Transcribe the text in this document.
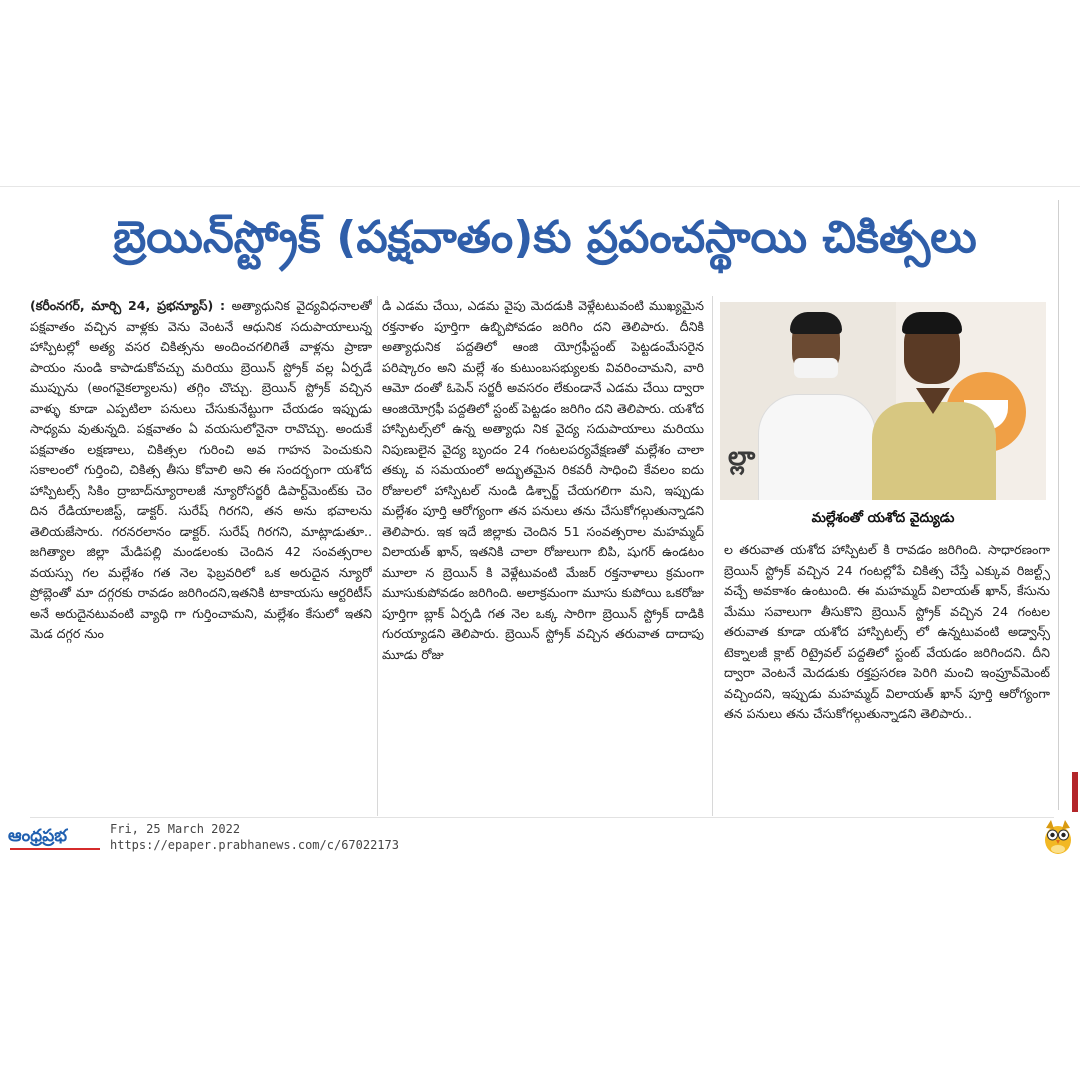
బ్రెయిన్‌స్ట్రోక్ (పక్షవాతం)కు ప్రపంచస్థాయి చికిత్సలు
(కరీంనగర్, మార్చి 24, ప్రభన్యూస్) : అత్యాధునిక వైద్యవిధనాలతో పక్షవాతం వచ్చిన వాళ్లకు వెను వెంటనే ఆధునిక సదుపాయాలున్న హాస్పిటల్లో అత్య వసర చికిత్సను అందించగలిగితే వాళ్లను ప్రాణా పాయం నుండి కాపాడుకోవచ్చు మరియు బ్రెయిన్ స్ట్రోక్ వల్ల ఏర్పడే ముప్పును (అంగవైకల్యాలను) తగ్గిం చొచ్చు. బ్రెయిన్ స్ట్రోక్ వచ్చిన వాళ్ళు కూడా ఎప్పటిలా పనులు చేసుకునేట్టుగా చేయడం ఇప్పుడు సాధ్యమ వుతున్నది. పక్షవాతం ఏ వయసులోనైనా రావొచ్చు. అందుకే పక్షవాతం లక్షణాలు, చికిత్సల గురించి అవ గాహన పెంచుకుని సకాలంలో గుర్తించి, చికిత్స తీసు కోవాలి అని ఈ సందర్బంగా యశోద హాస్పిటల్స్ సికిం ద్రాబాద్‌న్యూరాలజీ న్యూరోసర్జరీ డిపార్ట్‌మెంట్‌కు చెం దిన రేడియాలజిస్ట్, డాక్టర్. సురేష్ గిరగని, తన అను భవాలను తెలియజేసారు. గరనరలానం డాక్టర్. సురేష్ గిరగని, మాట్లాడుతూ.. జగిత్యాల జిల్లా మేడిపల్లి మండలంకు చెందిన 42 సంవత్సరాల వయస్సు గల మల్లేశం గత నెల ఫెబ్రవరిలో ఒక అరుదైన న్యూరో ప్రోబ్లెంతో మా దగ్గరకు రావడం జరిగిందని,ఇతనికి టాకాయసు ఆర్టరిటీస్ అనే అరుదైనటువంటి వ్యాధి గా గుర్తించామని, మల్లేశం కేసులో ఇతని మెడ దగ్గర నుం
డి ఎడమ చేయి, ఎడమ వైపు మెదడుకి వెళ్లేటటువంటి ముఖ్యమైన రక్తనాళం పూర్తిగా ఉబ్బిపోవడం జరిగిం దని తెలిపారు. దీనికి అత్యాధునిక పద్దతిలో ఆంజి యోగ్రఫీ‌స్టంట్ పెట్టడంమేసరైన పరిష్కారం అని మల్లే శం కుటుంబసభ్యులకు వివరించామని, వారి ఆమో దంతో ఓపెన్ సర్జరీ అవసరం లేకుండానే ఎడమ చేయి ద్వారా ఆంజియోగ్రఫీ పద్దతిలో స్టంట్ పెట్టడం జరిగిం దని తెలిపారు. యశోద హాస్పిటల్స్‌లో ఉన్న అత్యాధు నిక వైద్య సదుపాయాలు మరియు నిపుణులైన వైద్య బృందం 24 గంటలపర్యవేక్షణతో మల్లేశం చాలా తక్కు వ సమయంలో అద్భుతమైన రికవరీ సాధించి కేవలం ఐదు రోజులలో హాస్పిటల్ నుండి డిశ్చార్జ్ చేయగలిగా మని, ఇప్పుడు మల్లేశం పూర్తి ఆరోగ్యంగా తన పనులు తను చేసుకోగల్గుతున్నాడని తెలిపారు. ఇక ఇదే జిల్లాకు చెందిన 51 సంవత్సరాల మహమ్మద్ విలాయత్ ఖాన్, ఇతనికి చాలా రోజులుగా బిపి, షుగర్ ఉండటం మూలా న బ్రెయిన్ కి వెళ్లేటువంటి మేజర్ రక్తనాళాలు క్రమంగా మూసుకుపోవడం జరిగింది. అలాక్రమంగా మూసు కుపోయి ఒకరోజు పూర్తిగా బ్లాక్ ఏర్పడి గత నెల ఒక్క సారిగా బ్రెయిన్ స్ట్రోక్ దాడికి గురయ్యాడని తెలిపారు. బ్రెయిన్ స్ట్రోక్ వచ్చిన తరువాత దాదాపు మూడు రోజు
ల్లా
మల్లేశంతో యశోద వైద్యుడు
ల తరువాత యశోద హాస్పిటల్ కి రావడం జరిగింది. సాధారణంగా బ్రెయిన్ స్ట్రోక్ వచ్చిన 24 గంటల్లోపే చికిత్స చేస్తే ఎక్కువ రిజల్ట్స్ వచ్చే అవకాశం ఉంటుంది. ఈ మహమ్మద్ విలాయత్ ఖాన్, కేసును మేము సవాలుగా తీసుకొని బ్రెయిన్ స్ట్రోక్ వచ్చిన 24 గంటల తరువాత కూడా యశోద హాస్పిటల్స్ లో ఉన్నటువంటి అడ్వాన్స్ టెక్నాలజీ క్లాట్ రిట్రైవల్ పద్దతిలో స్టంట్ వేయడం జరిగిందని. దీని ద్వారా వెంటనే మెదడుకు రక్తప్రసరణ పెరిగి మంచి ఇంప్రూవ్‌మెంట్ వచ్చిందని, ఇప్పుడు మహమ్మద్ విలాయత్ ఖాన్ పూర్తి ఆరోగ్యంగా తన పనులు తను చేసుకోగల్గుతున్నాడని తెలిపారు..
ఆంధ్రప్రభ	Fri, 25 March 2022
https://epaper.prabhanews.com/c/67022173
